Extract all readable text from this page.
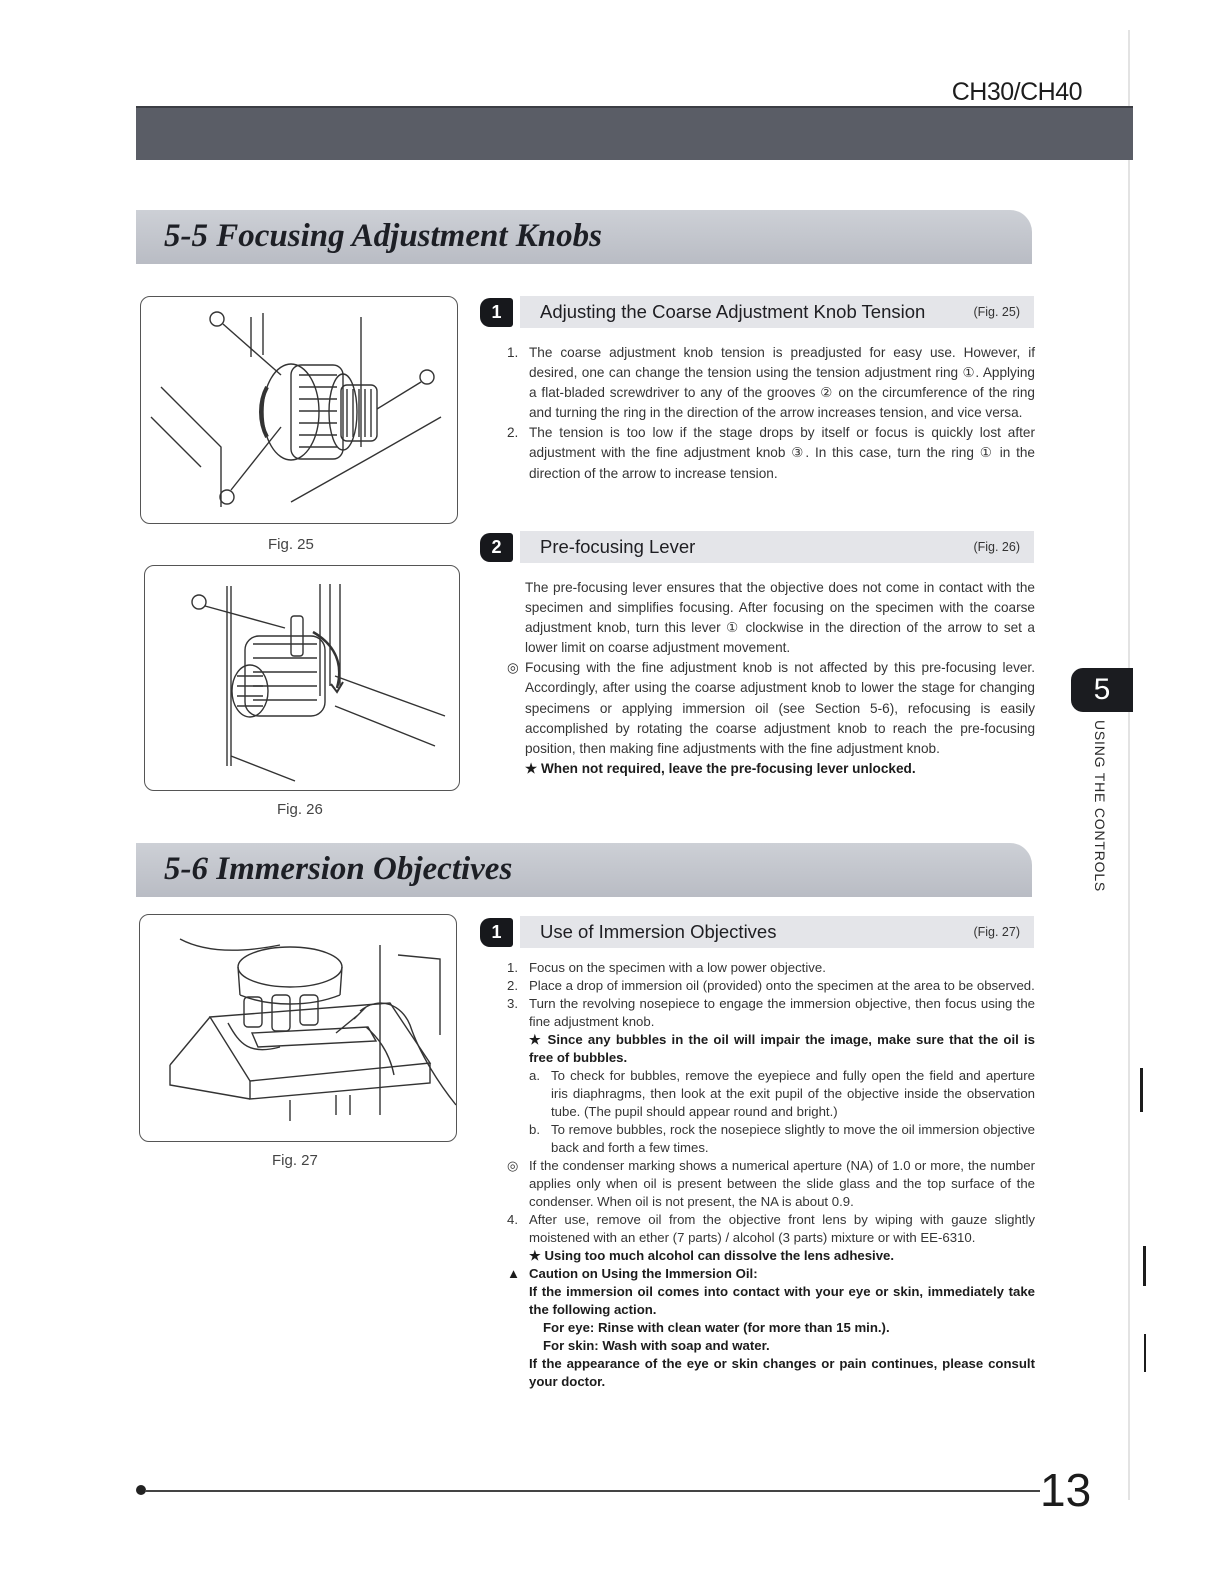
CH30/CH40
5-5 Focusing Adjustment Knobs
Fig. 25
Fig. 26
1	Adjusting the Coarse Adjustment Knob Tension	(Fig. 25)
1. The coarse adjustment knob tension is preadjusted for easy use. However, if desired, one can change the tension using the tension adjustment ring ①. Applying a flat-bladed screwdriver to any of the grooves ② on the circumference of the ring and turning the ring in the direction of the arrow increases tension, and vice versa.

2. The tension is too low if the stage drops by itself or focus is quickly lost after adjustment with the fine adjustment knob ③. In this case, turn the ring ① in the direction of the arrow to increase tension.

2	Pre-focusing Lever	(Fig. 26)

The pre-focusing lever ensures that the objective does not come in contact with the specimen and simplifies focusing. After focusing on the specimen with the coarse adjustment knob, turn this lever ① clockwise in the direction of the arrow to set a lower limit on coarse adjustment movement.

◎ Focusing with the fine adjustment knob is not affected by this pre-focusing lever. Accordingly, after using the coarse adjustment knob to lower the stage for changing specimens or applying immersion oil (see Section 5-6), refocusing is easily accomplished by rotating the coarse adjustment knob to reach the pre-focusing position, then making fine adjustments with the fine adjustment knob.

★ When not required, leave the pre-focusing lever unlocked.

5-6 Immersion Objectives
Fig. 27
1	Use of Immersion Objectives	(Fig. 27)
1. Focus on the specimen with a low power objective.

2. Place a drop of immersion oil (provided) onto the specimen at the area to be observed.

3. Turn the revolving nosepiece to engage the immersion objective, then focus using the fine adjustment knob.

★ Since any bubbles in the oil will impair the image, make sure that the oil is free of bubbles.

a. To check for bubbles, remove the eyepiece and fully open the field and aperture iris diaphragms, then look at the exit pupil of the objective inside the observation tube. (The pupil should appear round and bright.)

b. To remove bubbles, rock the nosepiece slightly to move the oil immersion objective back and forth a few times.

◎ If the condenser marking shows a numerical aperture (NA) of 1.0 or more, the number applies only when oil is present between the slide glass and the top surface of the condenser. When oil is not present, the NA is about 0.9.

4. After use, remove oil from the objective front lens by wiping with gauze slightly moistened with an ether (7 parts) / alcohol (3 parts) mixture or with EE-6310.

★ Using too much alcohol can dissolve the lens adhesive.

▲ Caution on Using the Immersion Oil:

If the immersion oil comes into contact with your eye or skin, immediately take the following action.

For eye: Rinse with clean water (for more than 15 min.).

For skin: Wash with soap and water.

If the appearance of the eye or skin changes or pain continues, please consult your doctor.

5
USING THE CONTROLS
13
